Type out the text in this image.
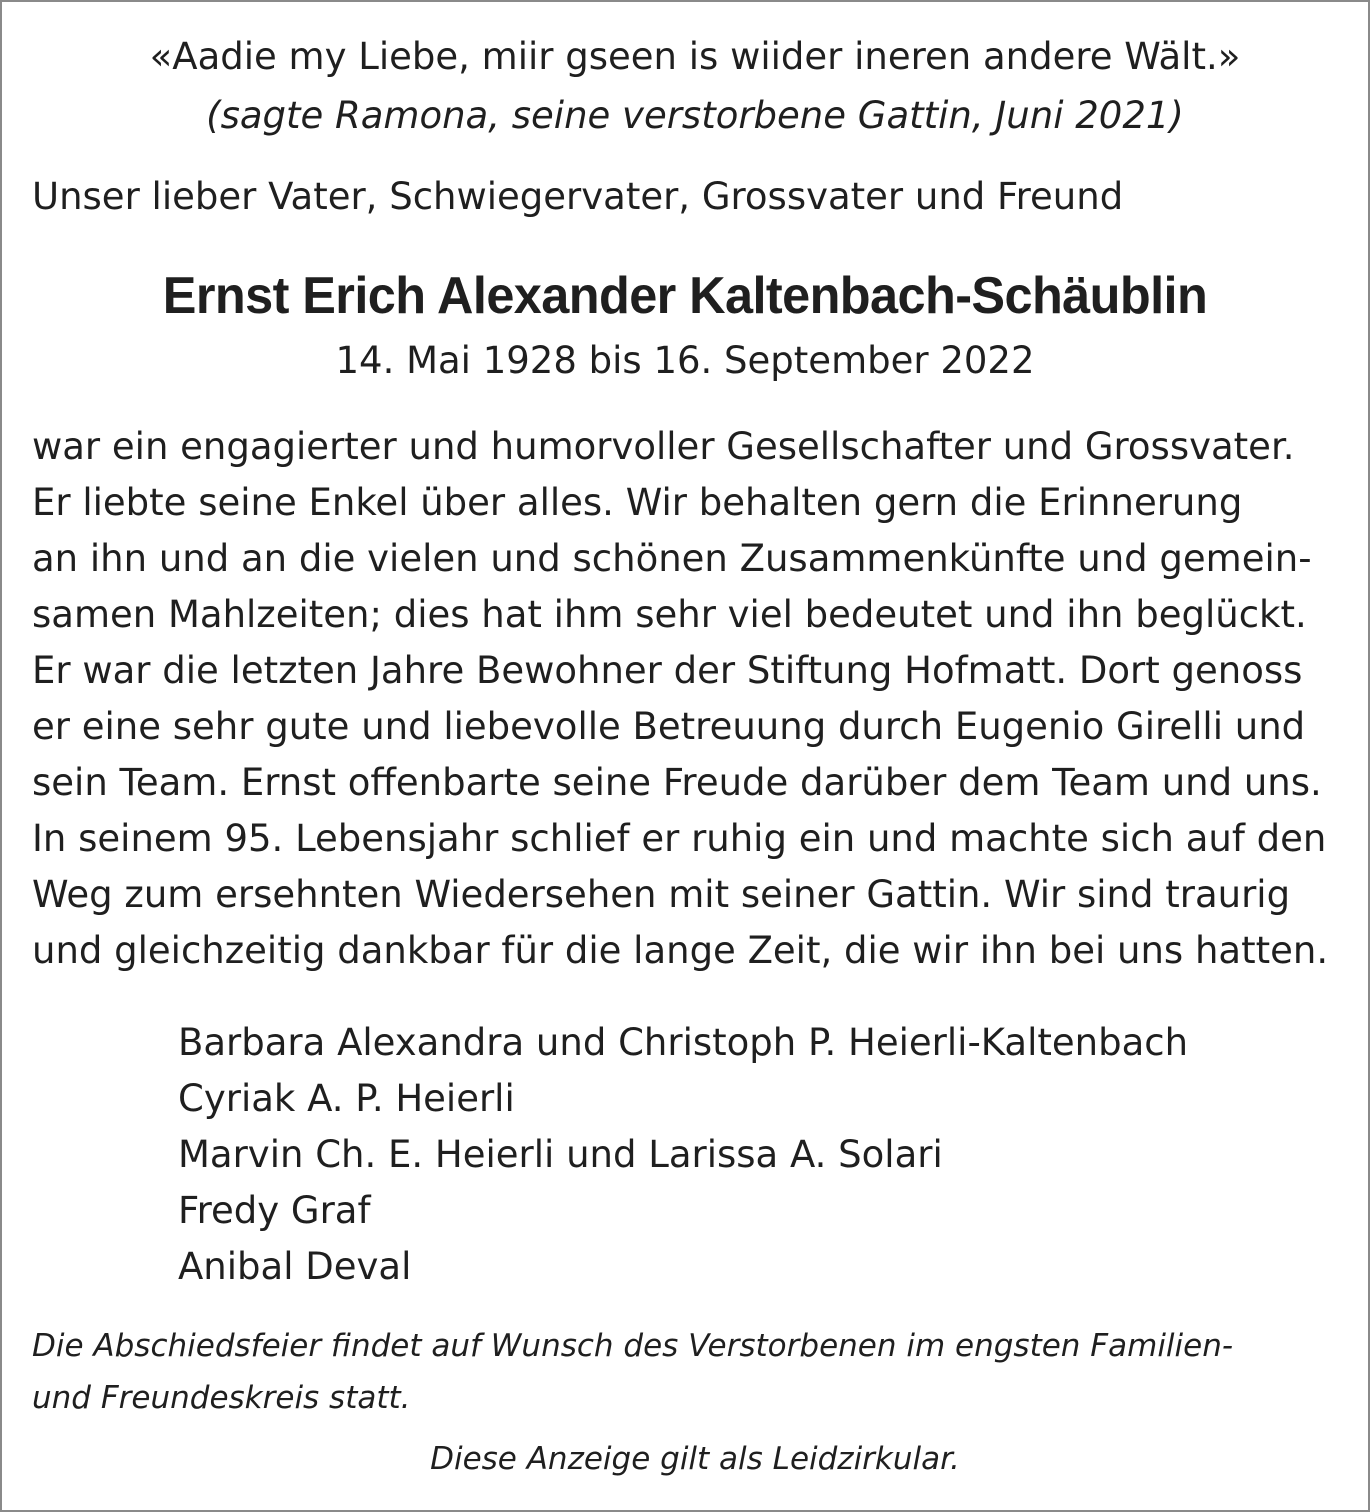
«Aadie my Liebe, miir gseen is wiider ineren andere Wält.»

(sagte Ramona, seine verstorbene Gattin, Juni 2021)

Unser lieber Vater, Schwiegervater, Grossvater und Freund

Ernst Erich Alexander Kaltenbach-Schäublin

14. Mai 1928 bis 16. September 2022

war ein engagierter und humorvoller Gesellschafter und Grossvater.
Er liebte seine Enkel über alles. Wir behalten gern die Erinnerung
an ihn und an die vielen und schönen Zusammenkünfte und gemein-
samen Mahlzeiten; dies hat ihm sehr viel bedeutet und ihn beglückt.
Er war die letzten Jahre Bewohner der Stiftung Hofmatt. Dort genoss
er eine sehr gute und liebevolle Betreuung durch Eugenio Girelli und
sein Team. Ernst offenbarte seine Freude darüber dem Team und uns.
In seinem 95. Lebensjahr schlief er ruhig ein und machte sich auf den
Weg zum ersehnten Wiedersehen mit seiner Gattin. Wir sind traurig
und gleichzeitig dankbar für die lange Zeit, die wir ihn bei uns hatten.

Barbara Alexandra und Christoph P. Heierli-Kaltenbach
Cyriak A. P. Heierli
Marvin Ch. E. Heierli und Larissa A. Solari
Fredy Graf
Anibal Deval

Die Abschiedsfeier findet auf Wunsch des Verstorbenen im engsten Familien-
und Freundeskreis statt.

Diese Anzeige gilt als Leidzirkular.
